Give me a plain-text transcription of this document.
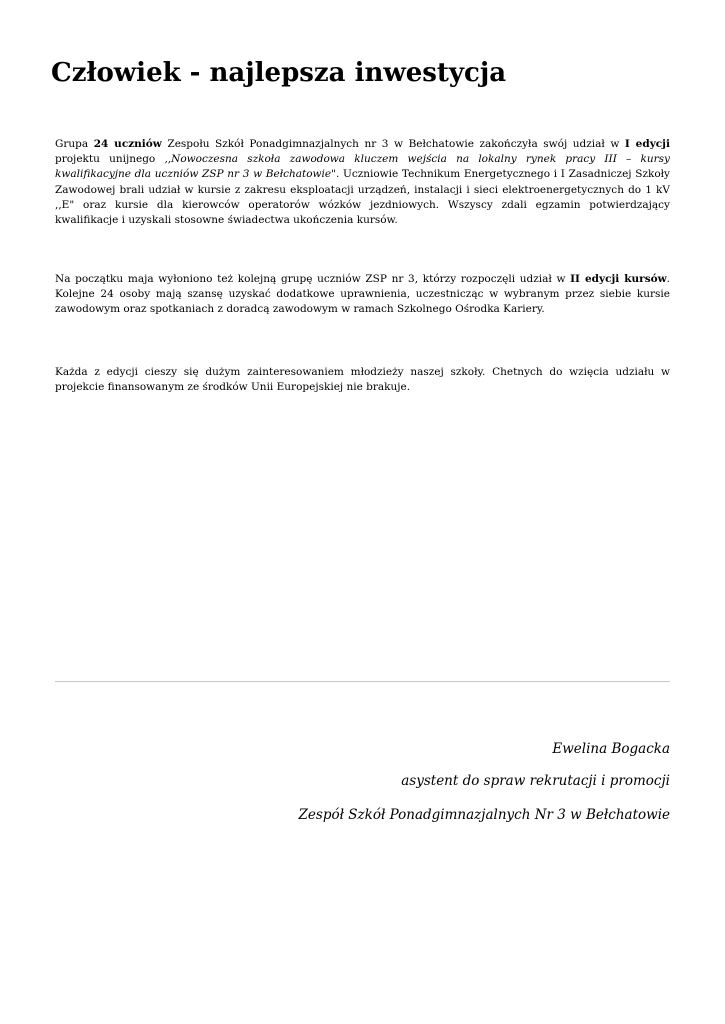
Człowiek - najlepsza inwestycja

Grupa 24 uczniów Zespołu Szkół Ponadgimnazjalnych nr 3 w Bełchatowie zakończyła swój udział w I edycji projektu unijnego ,,Nowoczesna szkoła zawodowa kluczem wejścia na lokalny rynek pracy III – kursy kwalifikacyjne dla uczniów ZSP nr 3 w Bełchatowie". Uczniowie Technikum Energetycznego i I Zasadniczej Szkoły Zawodowej brali udział w kursie z zakresu eksploatacji urządzeń, instalacji i sieci elektroenergetycznych do 1 kV ,,E" oraz kursie dla kierowców operatorów wózków jezdniowych. Wszyscy zdali egzamin potwierdzający kwalifikacje i uzyskali stosowne świadectwa ukończenia kursów.

Na początku maja wyłoniono też kolejną grupę uczniów ZSP nr 3, którzy rozpoczęli udział w II edycji kursów. Kolejne 24 osoby mają szansę uzyskać dodatkowe uprawnienia, uczestnicząc w wybranym przez siebie kursie zawodowym oraz spotkaniach z doradcą zawodowym w ramach Szkolnego Ośrodka Kariery.

Każda z edycji cieszy się dużym zainteresowaniem młodzieży naszej szkoły. Chetnych do wzięcia udziału w projekcie finansowanym ze środków Unii Europejskiej nie brakuje.

Ewelina Bogacka

asystent do spraw rekrutacji i promocji

Zespół Szkół Ponadgimnazjalnych Nr 3 w Bełchatowie
